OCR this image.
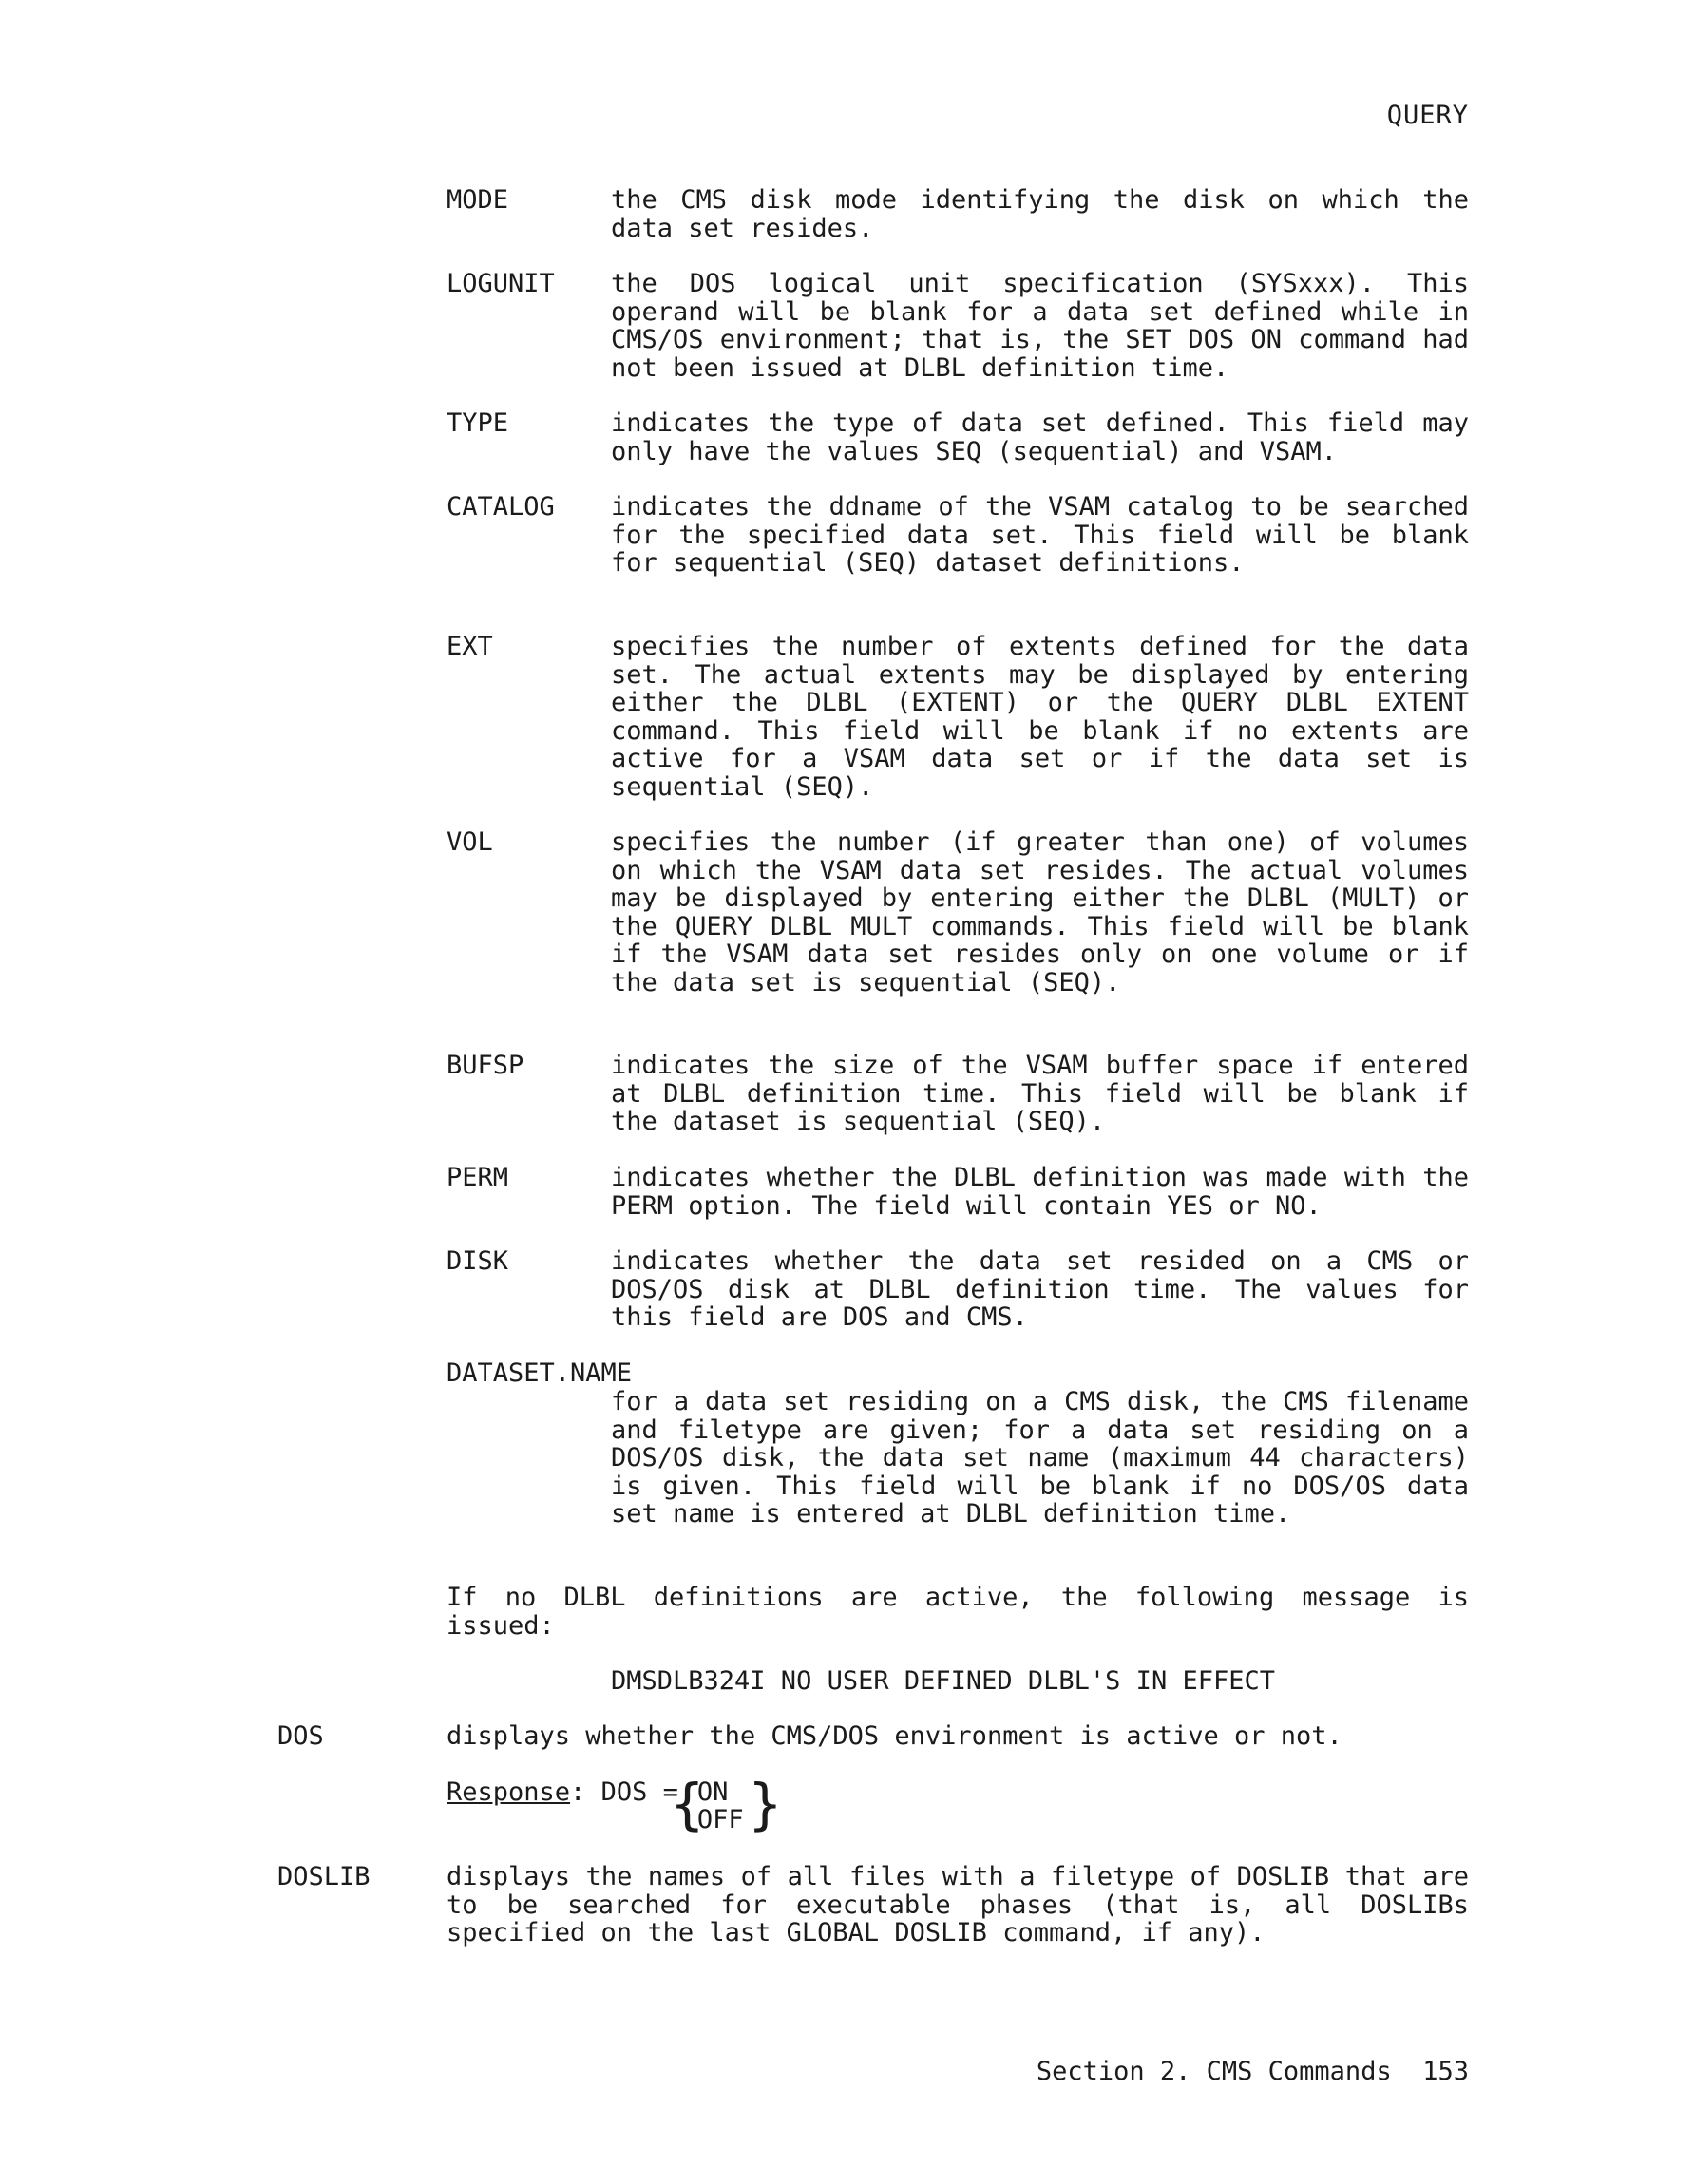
QUERY
MODE	the CMS disk mode identifying the disk on which the data set resides.
LOGUNIT the DOS logical unit specification (SYSxxx). This operand will be blank for a data set defined while in CMS/OS environment; that is, the SET DOS ON command had not been issued at DLBL definition time.
TYPE	indicates the type of data set defined. This field may only have the values SEQ (sequential) and VSAM.
CATALOG indicates the ddname of the VSAM catalog to be searched for the specified data set. This field will be blank for sequential (SEQ) dataset definitions.
EXT	specifies the number of extents defined for the data set. The actual extents may be displayed by entering either the DLBL (EXTENT) or the QUERY DLBL EXTENT command. This field will be blank if no extents are active for a VSAM data set or if the data set is sequential (SEQ).
VOL	specifies the number (if greater than one) of volumes on which the VSAM data set resides. The actual volumes may be displayed by entering either the DLBL (MULT) or the QUERY DLBL MULT commands. This field will be blank if the VSAM data set resides only on one volume or if the data set is sequential (SEQ).
BUFSP	indicates the size of the VSAM buffer space if entered at DLBL definition time. This field will be blank if the dataset is sequential (SEQ).
PERM	indicates whether the DLBL definition was made with the PERM option. The field will contain YES or NO.
DISK	indicates whether the data set resided on a CMS or DOS/OS disk at DLBL definition time. The values for this field are DOS and CMS.
DATASET.NAME
for a data set residing on a CMS disk, the CMS filename and filetype are given; for a data set residing on a DOS/OS disk, the data set name (maximum 44 characters) is given. This field will be blank if no DOS/OS data set name is entered at DLBL definition time.
If no DLBL definitions are active, the following message is issued:
DMSDLB324I NO USER DEFINED DLBL'S IN EFFECT
DOS	displays whether the CMS/DOS environment is active or not.
Response: DOS =
{
ON
OFF }
DOSLIB	displays the names of all files with a filetype of DOSLIB that are to be searched for executable phases (that is, all DOSLIBs specified on the last GLOBAL DOSLIB command, if any).
Section 2. CMS Commands 153
